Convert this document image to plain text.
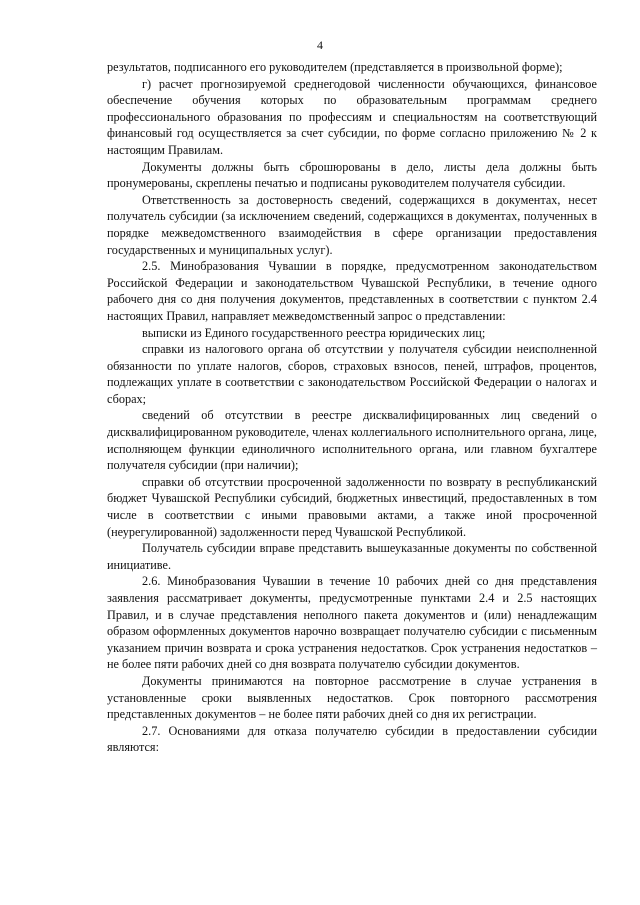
4

результатов, подписанного его руководителем (представляется в произвольной форме);

г) расчет прогнозируемой среднегодовой численности обучающихся, финансовое обеспечение обучения которых по образовательным программам среднего профессионального образования по профессиям и специальностям на соответствующий финансовый год осуществляется за счет субсидии, по форме согласно приложению № 2 к настоящим Правилам.

Документы должны быть сброшюрованы в дело, листы дела должны быть пронумерованы, скреплены печатью и подписаны руководителем получателя субсидии.

Ответственность за достоверность сведений, содержащихся в документах, несет получатель субсидии (за исключением сведений, содержащихся в документах, полученных в порядке межведомственного взаимодействия в сфере организации предоставления государственных и муниципальных услуг).

2.5. Минобразования Чувашии в порядке, предусмотренном законодательством Российской Федерации и законодательством Чувашской Республики, в течение одного рабочего дня со дня получения документов, представленных в соответствии с пунктом 2.4 настоящих Правил, направляет межведомственный запрос о представлении:

выписки из Единого государственного реестра юридических лиц;

справки из налогового органа об отсутствии у получателя субсидии неисполненной обязанности по уплате налогов, сборов, страховых взносов, пеней, штрафов, процентов, подлежащих уплате в соответствии с законодательством Российской Федерации о налогах и сборах;

сведений об отсутствии в реестре дисквалифицированных лиц сведений о дисквалифицированном руководителе, членах коллегиального исполнительного органа, лице, исполняющем функции единоличного исполнительного органа, или главном бухгалтере получателя субсидии (при наличии);

справки об отсутствии просроченной задолженности по возврату в республиканский бюджет Чувашской Республики субсидий, бюджетных инвестиций, предоставленных в том числе в соответствии с иными правовыми актами, а также иной просроченной (неурегулированной) задолженности перед Чувашской Республикой.

Получатель субсидии вправе представить вышеуказанные документы по собственной инициативе.

2.6. Минобразования Чувашии в течение 10 рабочих дней со дня представления заявления рассматривает документы, предусмотренные пунктами 2.4 и 2.5 настоящих Правил, и в случае представления неполного пакета документов и (или) ненадлежащим образом оформленных документов нарочно возвращает получателю субсидии с письменным указанием причин возврата и срока устранения недостатков. Срок устранения недостатков – не более пяти рабочих дней со дня возврата получателю субсидии документов.

Документы принимаются на повторное рассмотрение в случае устранения в установленные сроки выявленных недостатков. Срок повторного рассмотрения представленных документов – не более пяти рабочих дней со дня их регистрации.

2.7. Основаниями для отказа получателю субсидии в предоставлении субсидии являются:
